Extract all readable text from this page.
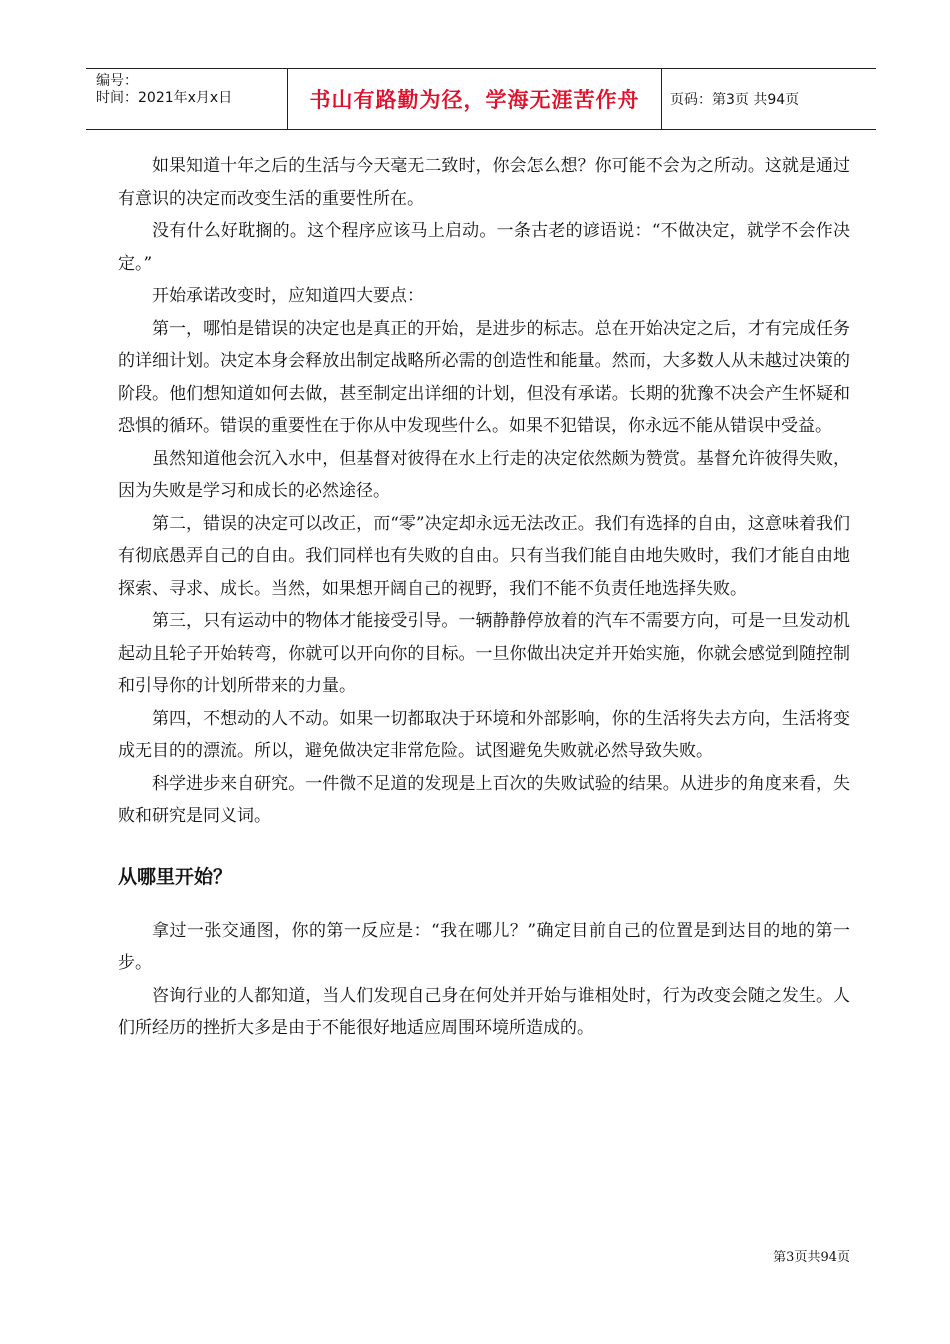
编号：
时间：2021年x月x日	书山有路勤为径，学海无涯苦作舟 页码：第3页 共94页

如果知道十年之后的生活与今天毫无二致时，你会怎么想？你可能不会为之所动。这就是通过有意识的决定而改变生活的重要性所在。

没有什么好耽搁的。这个程序应该马上启动。一条古老的谚语说：“不做决定，就学不会作决定。”

开始承诺改变时，应知道四大要点：

第一，哪怕是错误的决定也是真正的开始，是进步的标志。总在开始决定之后，才有完成任务的详细计划。决定本身会释放出制定战略所必需的创造性和能量。然而，大多数人从未越过决策的阶段。他们想知道如何去做，甚至制定出详细的计划，但没有承诺。长期的犹豫不决会产生怀疑和恐惧的循环。错误的重要性在于你从中发现些什么。如果不犯错误，你永远不能从错误中受益。

虽然知道他会沉入水中，但基督对彼得在水上行走的决定依然颇为赞赏。基督允许彼得失败，因为失败是学习和成长的必然途径。

第二，错误的决定可以改正，而“零”决定却永远无法改正。我们有选择的自由，这意味着我们有彻底愚弄自己的自由。我们同样也有失败的自由。只有当我们能自由地失败时，我们才能自由地探索、寻求、成长。当然，如果想开阔自己的视野，我们不能不负责任地选择失败。

第三，只有运动中的物体才能接受引导。一辆静静停放着的汽车不需要方向，可是一旦发动机起动且轮子开始转弯，你就可以开向你的目标。一旦你做出决定并开始实施，你就会感觉到随控制和引导你的计划所带来的力量。

第四，不想动的人不动。如果一切都取决于环境和外部影响，你的生活将失去方向，生活将变成无目的的漂流。所以，避免做决定非常危险。试图避免失败就必然导致失败。

科学进步来自研究。一件微不足道的发现是上百次的失败试验的结果。从进步的角度来看，失败和研究是同义词。

从哪里开始？

拿过一张交通图，你的第一反应是：“我在哪儿？”确定目前自己的位置是到达目的地的第一步。

咨询行业的人都知道，当人们发现自己身在何处并开始与谁相处时，行为改变会随之发生。人们所经历的挫折大多是由于不能很好地适应周围环境所造成的。

第3页共94页
